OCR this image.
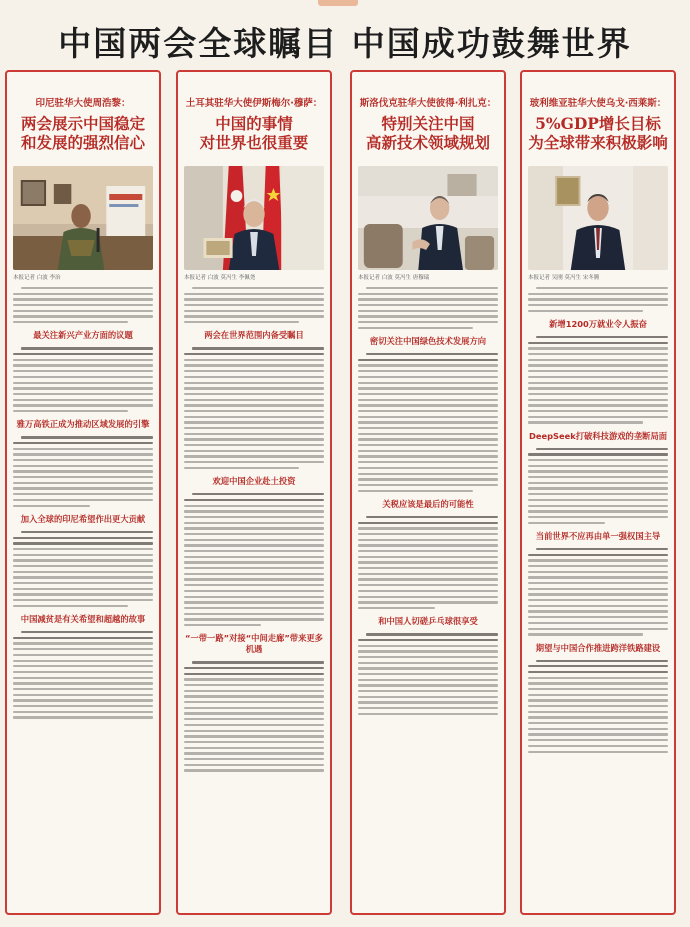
中国两会全球瞩目 中国成功鼓舞世界
印尼驻华大使周浩黎：
两会展示中国稳定
和发展的强烈信心
本报记者 白波 李治
最关注新兴产业方面的议题
雅万高铁正成为推动区域发展的引擎
加入全球的印尼希望作出更大贡献
中国减贫是有关希望和超越的故事
土耳其驻华大使伊斯梅尔·穆萨：
中国的事情
对世界也很重要
本报记者 白波 莫冯生 李佩尧
两会在世界范围内备受瞩目
欢迎中国企业赴土投资
“一带一路”对接“中间走廊”带来更多机遇
斯洛伐克驻华大使彼得·利扎克：
特别关注中国
高新技术领域规划
本报记者 白波 莫冯生 唐穆瑞
密切关注中国绿色技术发展方向
关税应该是最后的可能性
和中国人切磋乒乓球很享受
玻利维亚驻华大使乌戈·西莱斯：
5%GDP增长目标
为全球带来积极影响
本报记者 吴刚 莫冯生 宋冬腾
新增1200万就业令人振奋
DeepSeek打破科技游戏的垄断局面
当前世界不应再由单一强权国主导
期望与中国合作推进跨洋铁路建设
